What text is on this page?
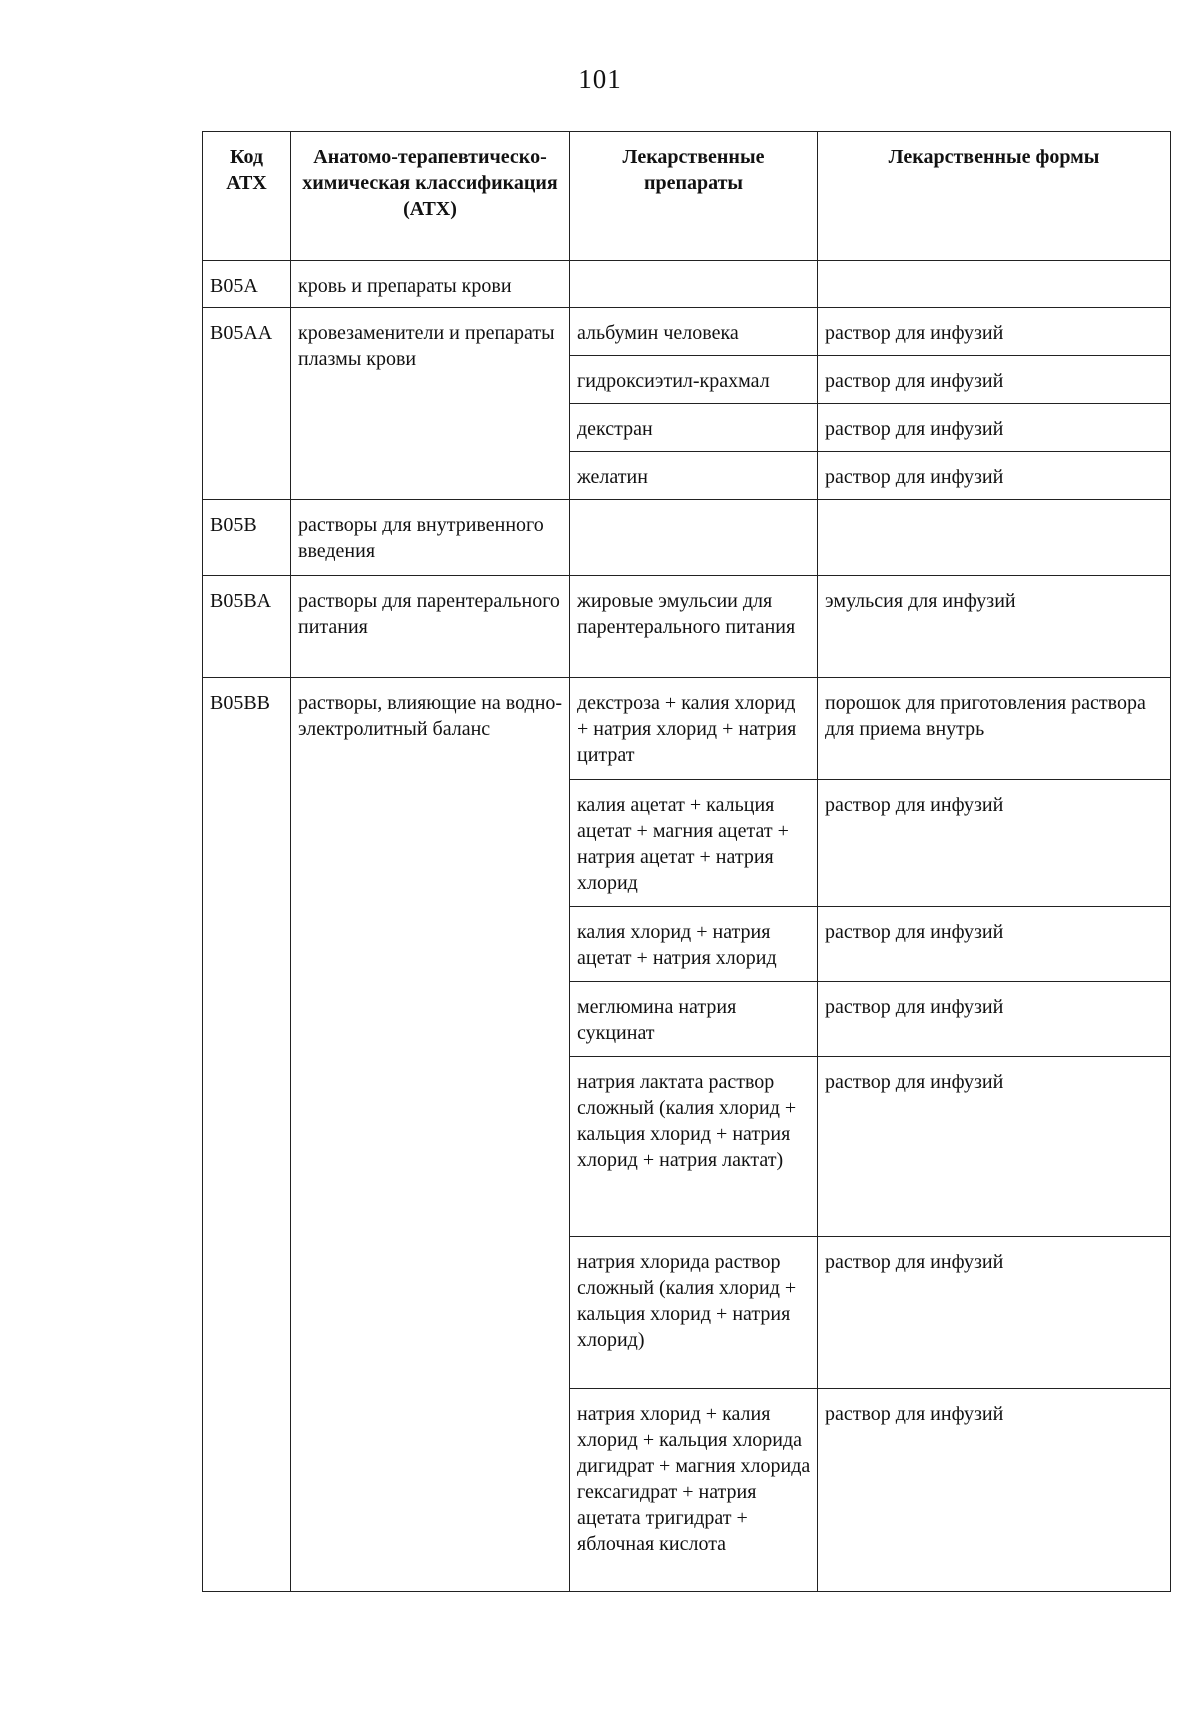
101
Код АТХ	Анатомо-терапевтическо-химическая классификация (АТХ)	Лекарственные препараты	Лекарственные формы
B05A	кровь и препараты крови		
B05AA	кровезаменители и препараты плазмы крови	альбумин человека	раствор для инфузий
		гидроксиэтил-крахмал	раствор для инфузий
		декстран	раствор для инфузий
		желатин	раствор для инфузий
B05B	растворы для внутривенного введения		
B05BA	растворы для парентерального питания	жировые эмульсии для парентерального питания	эмульсия для инфузий
B05BB	растворы, влияющие на водно-электролитный баланс	декстроза + калия хлорид + натрия хлорид + натрия цитрат	порошок для приготовления раствора для приема внутрь
		калия ацетат + кальция ацетат + магния ацетат + натрия ацетат + натрия хлорид	раствор для инфузий
		калия хлорид + натрия ацетат + натрия хлорид	раствор для инфузий
		меглюмина натрия сукцинат	раствор для инфузий
		натрия лактата раствор сложный (калия хлорид + кальция хлорид + натрия хлорид + натрия лактат)	раствор для инфузий
		натрия хлорида раствор сложный (калия хлорид + кальция хлорид + натрия хлорид)	раствор для инфузий
		натрия хлорид + калия хлорид + кальция хлорида дигидрат + магния хлорида гексагидрат + натрия ацетата тригидрат + яблочная кислота	раствор для инфузий
